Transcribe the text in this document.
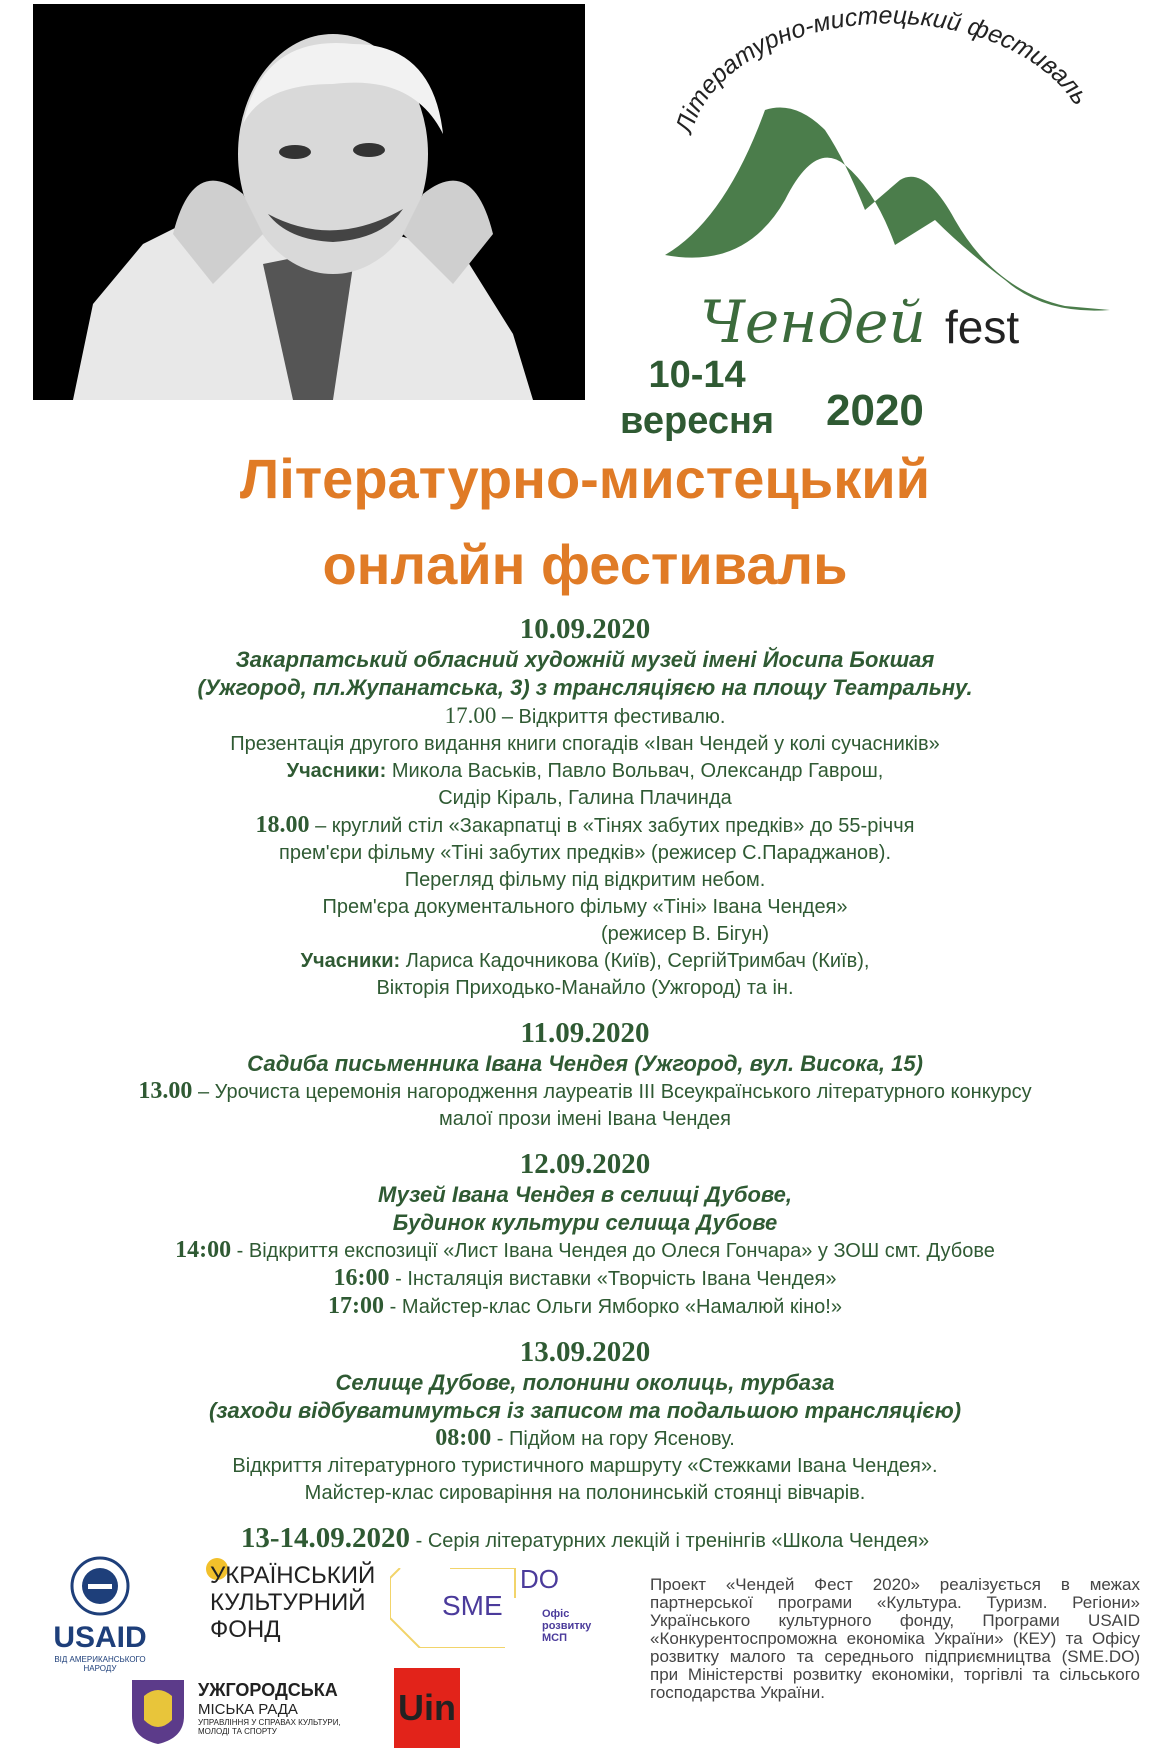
Літературно-мистецький фестиваль
Чендей fest
10-14
вересня 2020
Літературно-мистецький
онлайн фестиваль
10.09.2020
Закарпатський обласний художній музей імені Йосипа Бокшая
(Ужгород, пл.Жупанатська, 3) з трансляціяєю на площу Театральну.
17.00 – Відкриття фестивалю.
Презентація другого видання книги спогадів «Іван Чендей у колі сучасників»
Учасники: Микола Васьків, Павло Вольвач, Олександр Гаврош,
Сидір Кіраль, Галина Плачинда
18.00 – круглий стіл «Закарпатці в «Тінях забутих предків» до 55-річчя
прем'єри фільму «Тіні забутих предків» (режисер С.Параджанов).
Перегляд фільму під відкритим небом.
Прем'єра документального фільму «Тіні» Івана Чендея»
(режисер В. Бігун)
Учасники: Лариса Кадочникова (Київ), СергійТримбач (Київ),
Вікторія Приходько-Манайло (Ужгород) та ін.
11.09.2020
Садиба письменника Івана Чендея (Ужгород, вул. Висока, 15)
13.00 – Урочиста церемонія нагородження лауреатів ІІІ Всеукраїнського літературного конкурсу
малої прози імені Івана Чендея
12.09.2020
Музей Івана Чендея в селищі Дубове,
Будинок культури селища Дубове
14:00 - Відкриття експозиції «Лист Івана Чендея до Олеся Гончара» у ЗОШ смт. Дубове
16:00 - Інсталяція виставки «Творчість Івана Чендея»
17:00 - Майстер-клас Ольги Ямборко «Намалюй кіно!»
13.09.2020
Селище Дубове, полонини околиць, турбаза
(заходи відбуватимуться із записом та подальшою трансляцією)
08:00 - Підйом на гору Ясенову.
Відкриття літературного туристичного маршруту «Стежками Івана Чендея».
Майстер-клас сироваріння на полонинській стоянці вівчарів.
13-14.09.2020 - Серія літературних лекцій і тренінгів «Школа Чендея»
USAID
ВІД АМЕРИКАНСЬКОГО НАРОДУ
УКРАЇНСЬКИЙ
КУЛЬТУРНИЙ
ФОНД
SME
DO
Офіс
розвитку
МСП
УЖГОРОДСЬКА
МІСЬКА РАДА
УПРАВЛІННЯ У СПРАВАХ КУЛЬТУРИ,
МОЛОДІ ТА СПОРТУ
Uin
Проект «Чендей Фест 2020» реалізується в межах партнерської програми «Культура. Туризм. Регіони» Українського культурного фонду, Програми USAID «Конкурентоспроможна економіка України» (КЕУ) та Офісу розвитку малого та середнього підприємництва (SME.DO) при Міністерстві розвитку економіки, торгівлі та сільського господарства України.
